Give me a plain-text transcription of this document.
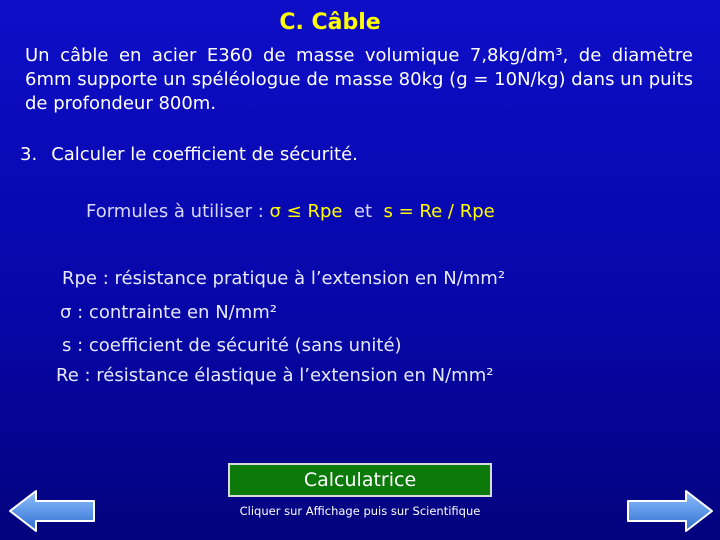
C. Câble
Un câble en acier E360 de masse volumique 7,8kg/dm³, de diamètre 6mm supporte un spéléologue de masse 80kg (g = 10N/kg) dans un puits de profondeur 800m.
3. Calculer le coefficient de sécurité.
Formules à utiliser : σ ≤ Rpe et s = Re / Rpe
Rpe : résistance pratique à l’extension en N/mm²
σ : contrainte en N/mm²
s : coefficient de sécurité (sans unité)
Re : résistance élastique à l’extension en N/mm²
Calculatrice
Cliquer sur Affichage puis sur Scientifique
